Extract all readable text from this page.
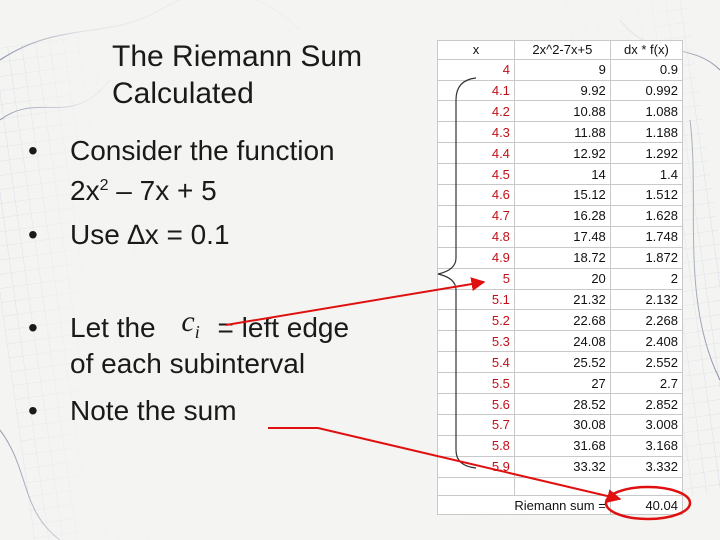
The Riemann Sum
Calculated
• Consider the function
$2x^2 - 7x + 5$
• Use ∆x = 0.1
• Let the $c_i$ = left edge
of each subinterval
• Note the sum
x	2x^2-7x+5	dx * f(x)
4	9	0.9
4.1	9.92	0.992
4.2	10.88	1.088
4.3	11.88	1.188
4.4	12.92	1.292
4.5	14	1.4
4.6	15.12	1.512
4.7	16.28	1.628
4.8	17.48	1.748
4.9	18.72	1.872
5	20	2
5.1	21.32	2.132
5.2	22.68	2.268
5.3	24.08	2.408
5.4	25.52	2.552
5.5	27	2.7
5.6	28.52	2.852
5.7	30.08	3.008
5.8	31.68	3.168
5.9	33.32	3.332

Riemann sum =		40.04
